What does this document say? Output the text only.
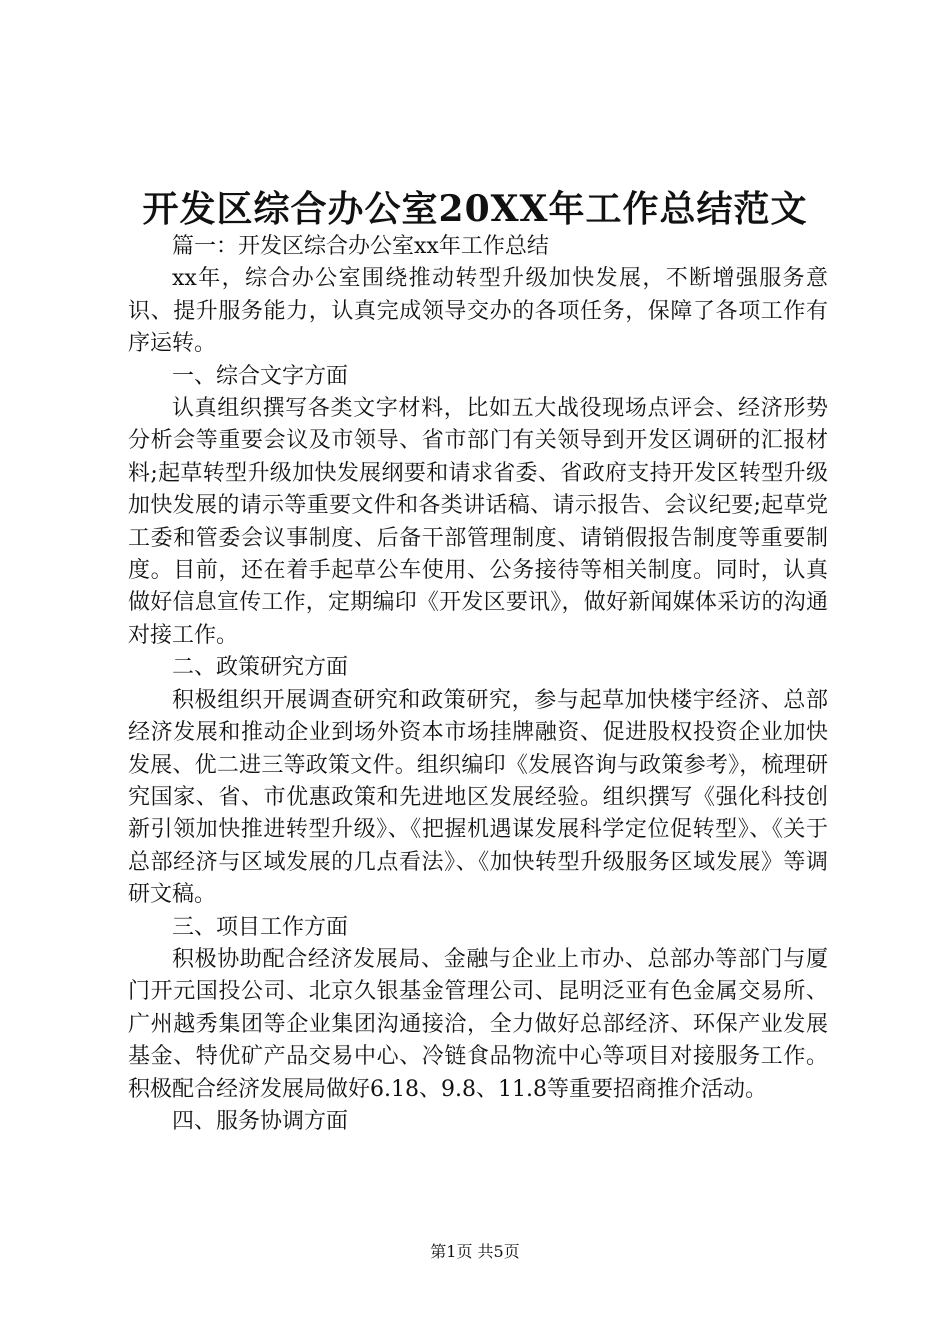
开发区综合办公室20XX年工作总结范文

篇一：开发区综合办公室xx年工作总结

xx年，综合办公室围绕推动转型升级加快发展，不断增强服务意识、提升服务能力，认真完成领导交办的各项任务，保障了各项工作有序运转。

一、综合文字方面

认真组织撰写各类文字材料，比如五大战役现场点评会、经济形势分析会等重要会议及市领导、省市部门有关领导到开发区调研的汇报材料;起草转型升级加快发展纲要和请求省委、省政府支持开发区转型升级加快发展的请示等重要文件和各类讲话稿、请示报告、会议纪要;起草党工委和管委会议事制度、后备干部管理制度、请销假报告制度等重要制度。目前，还在着手起草公车使用、公务接待等相关制度。同时，认真做好信息宣传工作，定期编印《开发区要讯》，做好新闻媒体采访的沟通对接工作。

二、政策研究方面

积极组织开展调查研究和政策研究，参与起草加快楼宇经济、总部经济发展和推动企业到场外资本市场挂牌融资、促进股权投资企业加快发展、优二进三等政策文件。组织编印《发展咨询与政策参考》，梳理研究国家、省、市优惠政策和先进地区发展经验。组织撰写《强化科技创新引领加快推进转型升级》、《把握机遇谋发展科学定位促转型》、《关于总部经济与区域发展的几点看法》、《加快转型升级服务区域发展》等调研文稿。

三、项目工作方面

积极协助配合经济发展局、金融与企业上市办、总部办等部门与厦门开元国投公司、北京久银基金管理公司、昆明泛亚有色金属交易所、广州越秀集团等企业集团沟通接洽，全力做好总部经济、环保产业发展基金、特优矿产品交易中心、冷链食品物流中心等项目对接服务工作。积极配合经济发展局做好6.18、9.8、11.8等重要招商推介活动。

四、服务协调方面

第1页 共5页
